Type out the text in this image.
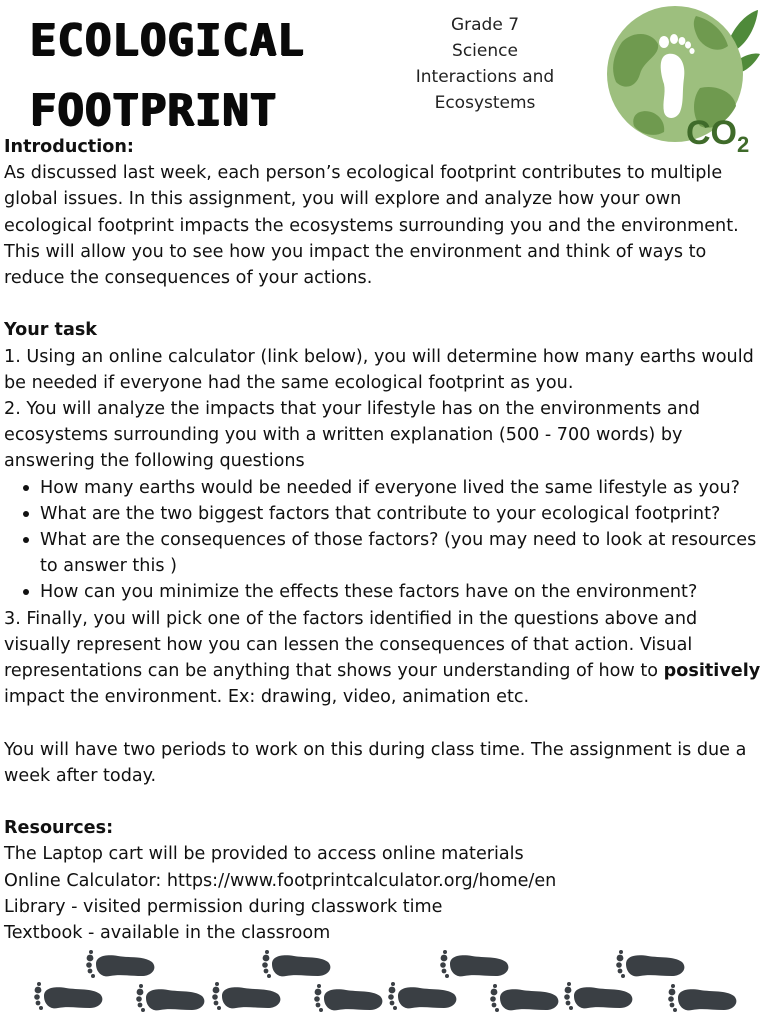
ECOLOGICAL
FOOTPRINT
Grade 7
Science
Interactions and
Ecosystems
$CO_2$

Introduction:

As discussed last week, each person’s ecological footprint contributes to multiple global issues. In this assignment, you will explore and analyze how your own ecological footprint impacts the ecosystems surrounding you and the environment. This will allow you to see how you impact the environment and think of ways to reduce the consequences of your actions.

Your task

1. Using an online calculator (link below), you will determine how many earths would be needed if everyone had the same ecological footprint as you.

2. You will analyze the impacts that your lifestyle has on the environments and ecosystems surrounding you with a written explanation (500 - 700 words) by answering the following questions

How many earths would be needed if everyone lived the same lifestyle as you?
What are the two biggest factors that contribute to your ecological footprint?
What are the consequences of those factors? (you may need to look at resources to answer this )
How can you minimize the effects these factors have on the environment?

3. Finally, you will pick one of the factors identified in the questions above and visually represent how you can lessen the consequences of that action. Visual representations can be anything that shows your understanding of how to positively impact the environment. Ex: drawing, video, animation etc.

You will have two periods to work on this during class time. The assignment is due a week after today.

Resources:

The Laptop cart will be provided to access online materials

Online Calculator: https://www.footprintcalculator.org/home/en

Library - visited permission during classwork time

Textbook - available in the classroom
